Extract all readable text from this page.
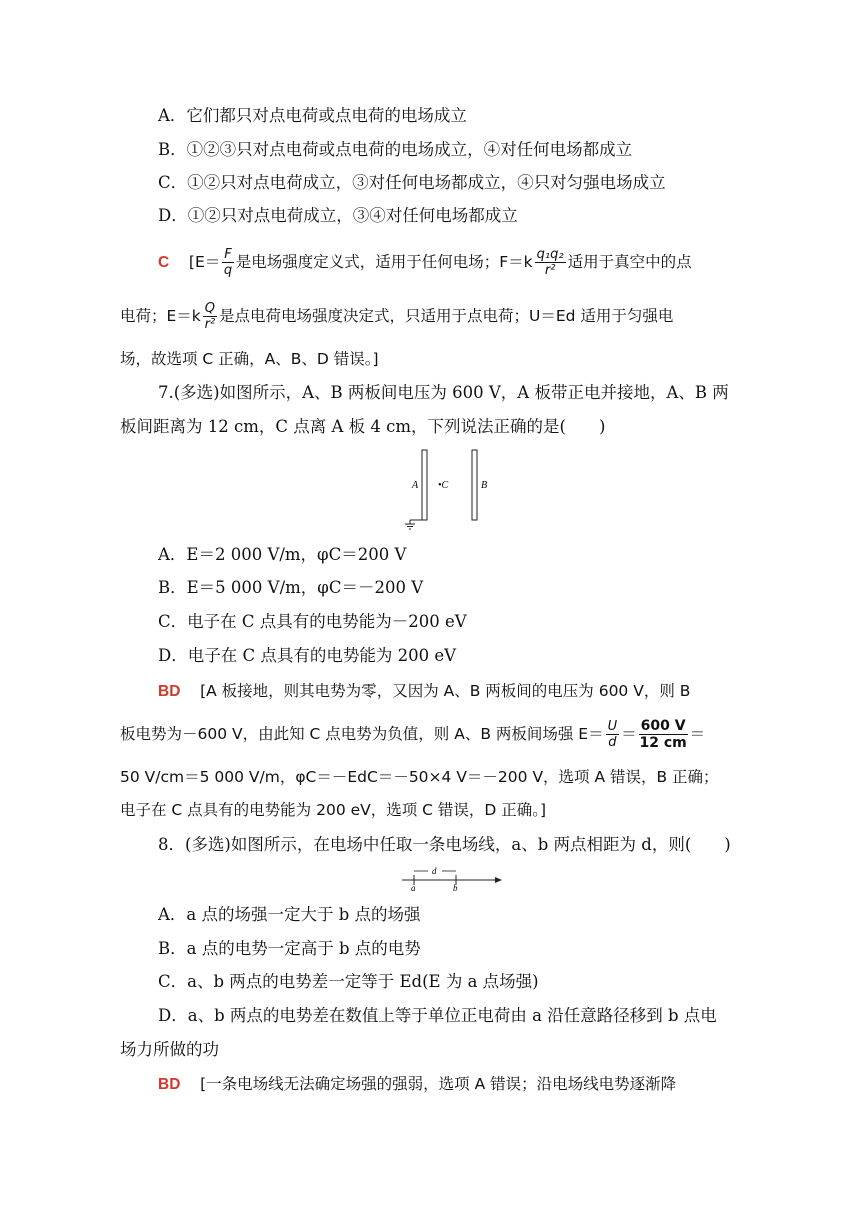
A．它们都只对点电荷或点电荷的电场成立
B．①②③只对点电荷或点电荷的电场成立，④对任何电场都成立
C．①②只对点电荷成立，③对任何电场都成立，④只对匀强电场成立
D．①②只对点电荷成立，③④对任何电场都成立
C [$E= \frac{F}{q}$ 是电场强度定义式，适用于任何电场；$F=k \frac{\text{q₁q₂}}{\text{r²}}$ 适用于真空中的点
电荷；$E=k \frac{Q}{\text{r²}}$ 是点电荷电场强度决定式，只适用于点电荷；U＝Ed 适用于匀强电
场，故选项 C 正确，A、B、D 错误。]
7.(多选)如图所示，A、B 两板间电压为 600 V，A 板带正电并接地，A、B 两
板间距离为 12 cm，C 点离 A 板 4 cm，下列说法正确的是(　　)
A •C	B
A．E＝2 000 V/m，φC＝200 V
B．E＝5 000 V/m，φC＝－200 V
C．电子在 C 点具有的电势能为－200 eV
D．电子在 C 点具有的电势能为 200 eV
BD [A 板接地，则其电势为零，又因为 A、B 两板间的电压为 600 V，则 B
板电势为－600 V，由此知 C 点电势为负值，则 A、B 两板间场强 $E= \frac{U}{d} = \frac{600 V}{12 cm}$ ＝
50 V/cm＝5 000 V/m，φC＝－EdC＝－50×4 V＝－200 V，选项 A 错误，B 正确；
电子在 C 点具有的电势能为 200 eV，选项 C 错误，D 正确。]
8．(多选)如图所示，在电场中任取一条电场线，a、b 两点相距为 d，则(　　)
d
a	b
A．a 点的场强一定大于 b 点的场强
B．a 点的电势一定高于 b 点的电势
C．a、b 两点的电势差一定等于 Ed(E 为 a 点场强)
D．a、b 两点的电势差在数值上等于单位正电荷由 a 沿任意路径移到 b 点电
场力所做的功
BD [一条电场线无法确定场强的强弱，选项 A 错误；沿电场线电势逐渐降
